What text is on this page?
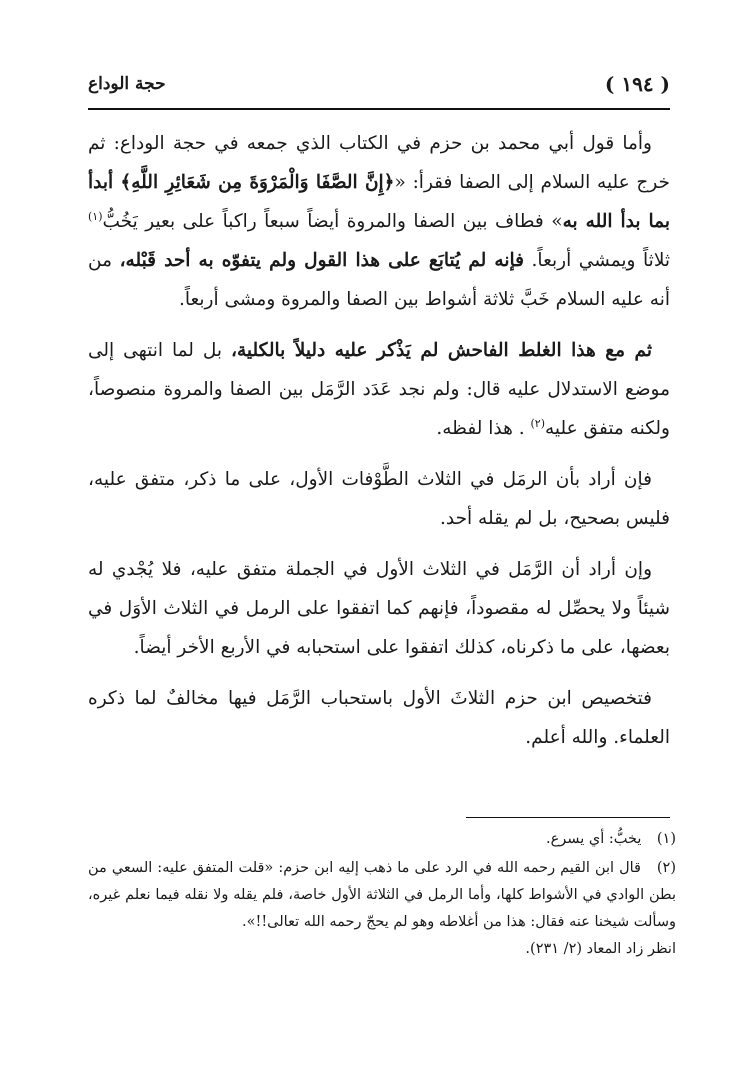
( ١٩٤ )
حجة الوداع

وأما قول أبي محمد بن حزم في الكتاب الذي جمعه في حجة الوداع: ثم خرج عليه السلام إلى الصفا فقرأ: «﴿إِنَّ الصَّفَا وَالْمَرْوَةَ مِن شَعَائِرِ اللَّهِ﴾ أبدأ بما بدأ الله به» فطاف بين الصفا والمروة أيضاً سبعاً راكباً على بعير يَخُبُّ$^{(١)}$ ثلاثاً ويمشي أربعاً. فإنه لم يُتابَع على هذا القول ولم يتفوّه به أحد قَبْله، من أنه عليه السلام خَبَّ ثلاثة أشواط بين الصفا والمروة ومشى أربعاً.

ثم مع هذا الغلط الفاحش لم يَذْكر عليه دليلاً بالكلية، بل لما انتهى إلى موضع الاستدلال عليه قال: ولم نجد عَدَد الرَّمَل بين الصفا والمروة منصوصاً، ولكنه متفق عليه$^{(٢)}$ . هذا لفظه.

فإن أراد بأن الرمَل في الثلاث الطَّوْفات الأول، على ما ذكر، متفق عليه، فليس بصحيح، بل لم يقله أحد.

وإن أراد أن الرَّمَل في الثلاث الأول في الجملة متفق عليه، فلا يُجْدي له شيئاً ولا يحصِّل له مقصوداً، فإنهم كما اتفقوا على الرمل في الثلاث الأوَل في بعضها، على ما ذكرناه، كذلك اتفقوا على استحبابه في الأربع الأخر أيضاً.

فتخصيص ابن حزم الثلاثَ الأول باستحباب الرَّمَل فيها مخالفٌ لما ذكره العلماء. والله أعلم.

(١) يخبُّ: أي يسرع.

(٢) قال ابن القيم رحمه الله في الرد على ما ذهب إليه ابن حزم: «قلت المتفق عليه: السعي من بطن الوادي في الأشواط كلها، وأما الرمل في الثلاثة الأول خاصة، فلم يقله ولا نقله فيما نعلم غيره، وسألت شيخنا عنه فقال: هذا من أغلاطه وهو لم يحجّ رحمه الله تعالى!!».
انظر زاد المعاد (٢/ ٢٣١).
